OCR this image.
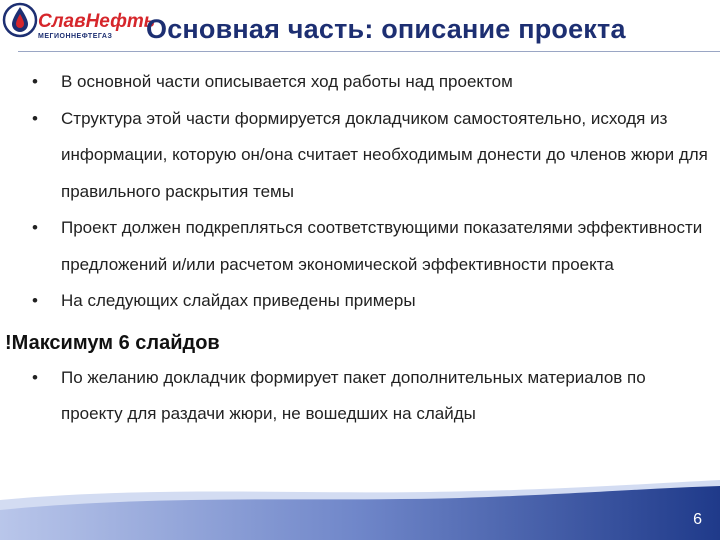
СлавНефть
МЕГИОННЕФТЕГАЗ Основная часть: описание проекта

• В основной части описывается ход работы над проектом

• Структура этой части формируется докладчиком самостоятельно, исходя из информации, которую он/она считает необходимым донести до членов жюри для правильного раскрытия темы

• Проект должен подкрепляться соответствующими показателями эффективности предложений и/или расчетом экономической эффективности проекта

• На следующих слайдах приведены примеры

!Максимум 6 слайдов

• По желанию докладчик формирует пакет дополнительных материалов по проекту для раздачи жюри, не вошедших на слайды

6
